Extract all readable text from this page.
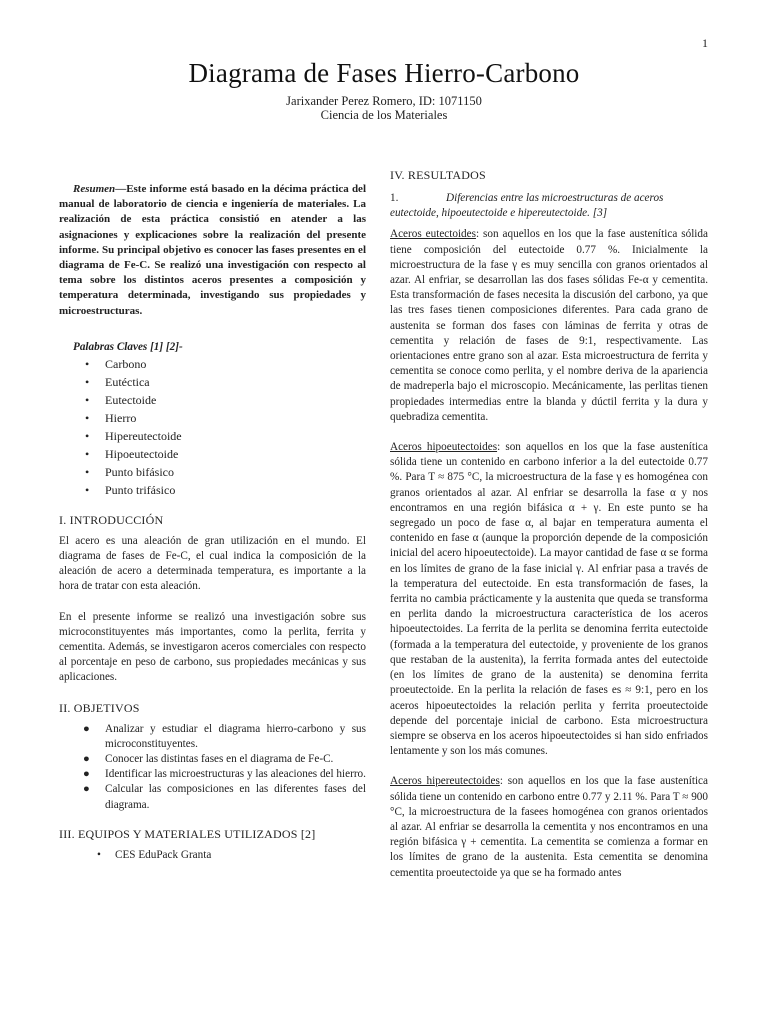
1
Diagrama de Fases Hierro-Carbono
Jarixander Perez Romero, ID: 1071150
Ciencia de los Materiales

Resumen—Este informe está basado en la décima práctica del manual de laboratorio de ciencia e ingeniería de materiales. La realización de esta práctica consistió en atender a las asignaciones y explicaciones sobre la realización del presente informe. Su principal objetivo es conocer las fases presentes en el diagrama de Fe-C. Se realizó una investigación con respecto al tema sobre los distintos aceros presentes a composición y temperatura determinada, investigando sus propiedades y microestructuras.

Palabras Claves [1] [2]-
• Carbono
• Eutéctica
• Eutectoide
• Hierro
• Hipereutectoide
• Hipoeutectoide
• Punto bifásico
• Punto trifásico
I. INTRODUCCIÓN

El acero es una aleación de gran utilización en el mundo. El diagrama de fases de Fe-C, el cual indica la composición de la aleación de acero a determinada temperatura, es importante a la hora de tratar con esta aleación.

En el presente informe se realizó una investigación sobre sus microconstituyentes más importantes, como la perlita, ferrita y cementita. Además, se investigaron aceros comerciales con respecto al porcentaje en peso de carbono, sus propiedades mecánicas y sus aplicaciones.

II. OBJETIVOS
● Analizar y estudiar el diagrama hierro-carbono y sus microconstituyentes.
● Conocer las distintas fases en el diagrama de Fe-C.
● Identificar las microestructuras y las aleaciones del hierro.
● Calcular las composiciones en las diferentes fases del diagrama.
III. EQUIPOS Y MATERIALES UTILIZADOS [2]
• CES EduPack Granta
IV. RESULTADOS

1.	Diferencias entre las microestructuras de aceros eutectoide, hipoeutectoide e hipereutectoide. [3]

Aceros eutectoides: son aquellos en los que la fase austenítica sólida tiene composición del eutectoide 0.77 %. Inicialmente la microestructura de la fase γ es muy sencilla con granos orientados al azar. Al enfriar, se desarrollan las dos fases sólidas Fe-α y cementita. Esta transformación de fases necesita la discusión del carbono, ya que las tres fases tienen composiciones diferentes. Para cada grano de austenita se forman dos fases con láminas de ferrita y otras de cementita y relación de fases de 9:1, respectivamente. Las orientaciones entre grano son al azar. Esta microestructura de ferrita y cementita se conoce como perlita, y el nombre deriva de la apariencia de madreperla bajo el microscopio. Mecánicamente, las perlitas tienen propiedades intermedias entre la blanda y dúctil ferrita y la dura y quebradiza cementita.

Aceros hipoeutectoides: son aquellos en los que la fase austenítica sólida tiene un contenido en carbono inferior a la del eutectoide 0.77 %. Para T ≈ 875 °C, la microestructura de la fase γ es homogénea con granos orientados al azar. Al enfriar se desarrolla la fase α y nos encontramos en una región bifásica α + γ. En este punto se ha segregado un poco de fase α, al bajar en temperatura aumenta el contenido en fase α (aunque la proporción depende de la composición inicial del acero hipoeutectoide). La mayor cantidad de fase α se forma en los límites de grano de la fase inicial γ. Al enfriar pasa a través de la temperatura del eutectoide. En esta transformación de fases, la ferrita no cambia prácticamente y la austenita que queda se transforma en perlita dando la microestructura característica de los aceros hipoeutectoides. La ferrita de la perlita se denomina ferrita eutectoide (formada a la temperatura del eutectoide, y proveniente de los granos que restaban de la austenita), la ferrita formada antes del eutectoide (en los límites de grano de la austenita) se denomina ferrita proeutectoide. En la perlita la relación de fases es ≈ 9:1, pero en los aceros hipoeutectoides la relación perlita y ferrita proeutectoide depende del porcentaje inicial de carbono. Esta microestructura siempre se observa en los aceros hipoeutectoides si han sido enfriados lentamente y son los más comunes.

Aceros hipereutectoides: son aquellos en los que la fase austenítica sólida tiene un contenido en carbono entre 0.77 y 2.11 %. Para T ≈ 900 °C, la microestructura de la fasees homogénea con granos orientados al azar. Al enfriar se desarrolla la cementita y nos encontramos en una región bifásica γ + cementita. La cementita se comienza a formar en los límites de grano de la austenita. Esta cementita se denomina cementita proeutectoide ya que se ha formado antes
